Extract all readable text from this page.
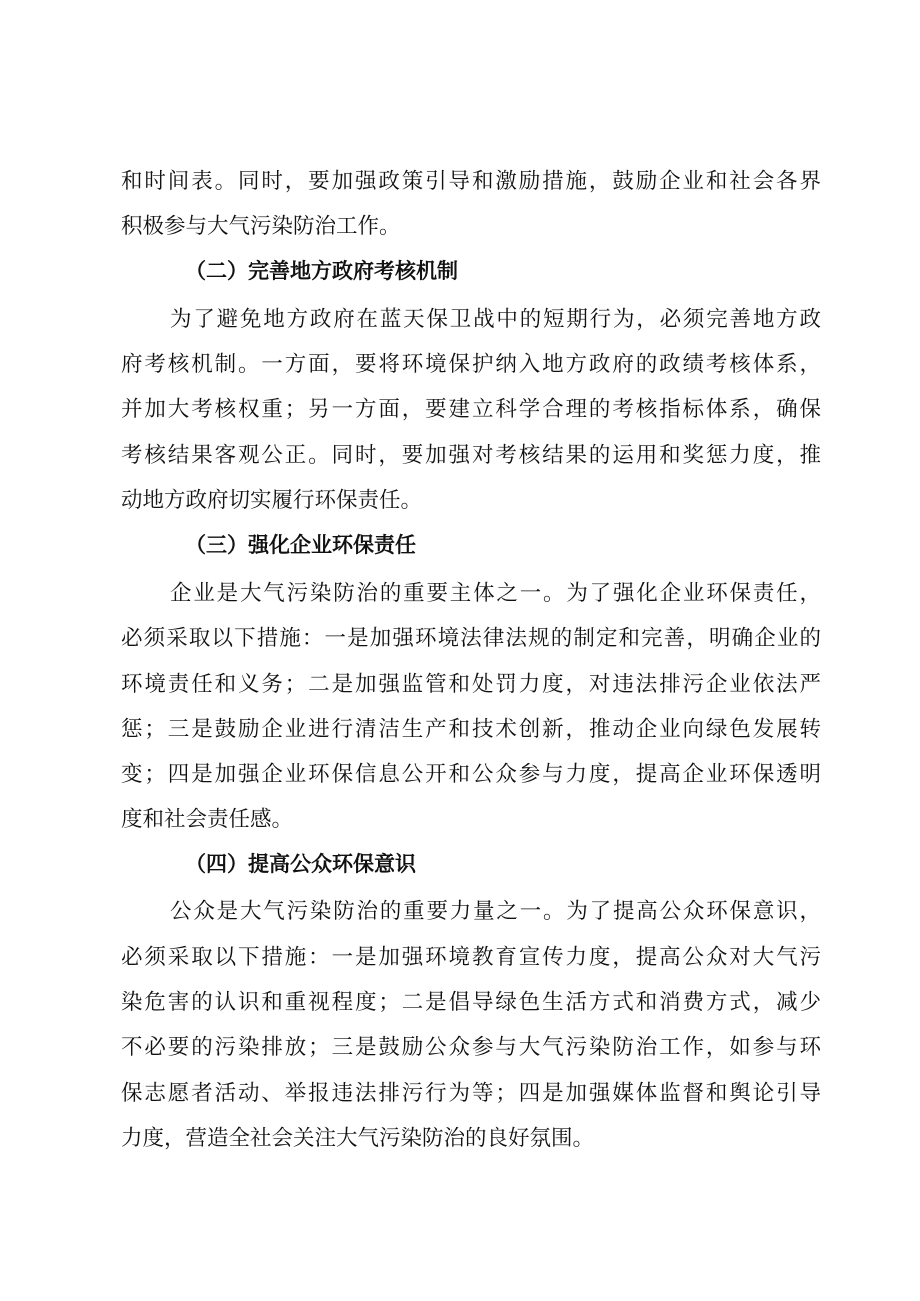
和时间表。同时，要加强政策引导和激励措施，鼓励企业和社会各界
积极参与大气污染防治工作。
（二）完善地方政府考核机制
为了避免地方政府在蓝天保卫战中的短期行为，必须完善地方政
府考核机制。一方面，要将环境保护纳入地方政府的政绩考核体系，
并加大考核权重；另一方面，要建立科学合理的考核指标体系，确保
考核结果客观公正。同时，要加强对考核结果的运用和奖惩力度，推
动地方政府切实履行环保责任。
（三）强化企业环保责任
企业是大气污染防治的重要主体之一。为了强化企业环保责任，
必须采取以下措施：一是加强环境法律法规的制定和完善，明确企业的
环境责任和义务；二是加强监管和处罚力度，对违法排污企业依法严
惩；三是鼓励企业进行清洁生产和技术创新，推动企业向绿色发展转
变；四是加强企业环保信息公开和公众参与力度，提高企业环保透明
度和社会责任感。
（四）提高公众环保意识
公众是大气污染防治的重要力量之一。为了提高公众环保意识，
必须采取以下措施：一是加强环境教育宣传力度，提高公众对大气污
染危害的认识和重视程度；二是倡导绿色生活方式和消费方式，减少
不必要的污染排放；三是鼓励公众参与大气污染防治工作，如参与环
保志愿者活动、举报违法排污行为等；四是加强媒体监督和舆论引导
力度，营造全社会关注大气污染防治的良好氛围。
